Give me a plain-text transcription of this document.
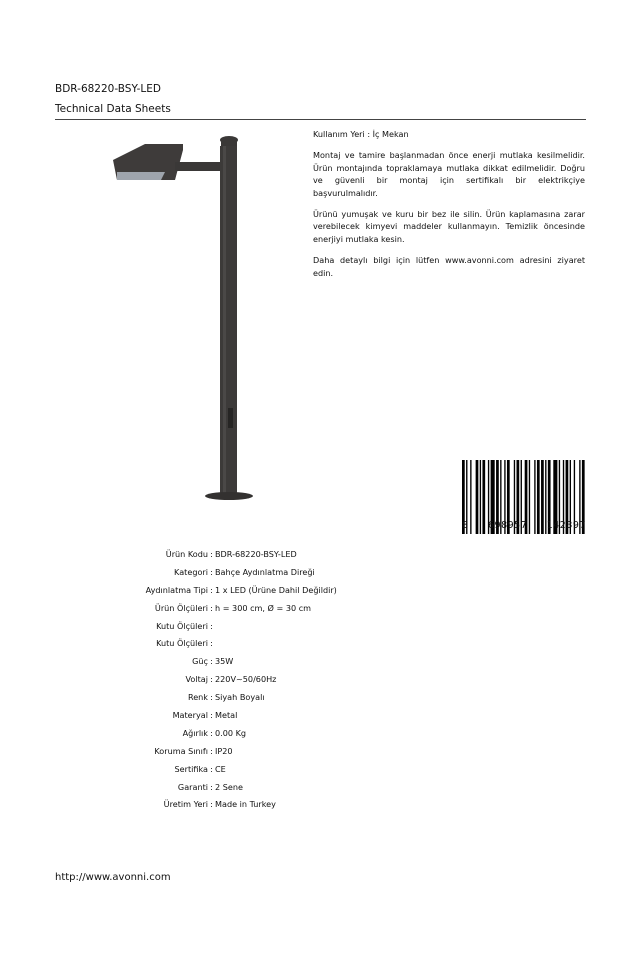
BDR-68220-BSY-LED
Technical Data Sheets

Kullanım Yeri : İç Mekan

Montaj ve tamire başlanmadan önce enerji mutlaka kesilmelidir. Ürün montajında topraklamaya mutlaka dikkat edilmelidir. Doğru ve güvenli bir montaj için sertifikalı bir elektrikçiye başvurulmalıdır.

Ürünü yumuşak ve kuru bir bez ile silin. Ürün kaplamasına zarar verebilecek kimyevi maddeler kullanmayın. Temizlik öncesinde enerjiyi mutlaka kesin.

Daha detaylı bilgi için lütfen www.avonni.com adresini ziyaret edin.

8 698957 142397
Ürün Kodu : BDR-68220-BSY-LED
Kategori : Bahçe Aydınlatma Direği
Aydınlatma Tipi : 1 x LED (Ürüne Dahil Değildir)
Ürün Ölçüleri : h = 300 cm, Ø = 30 cm
Kutu Ölçüleri :
Kutu Ölçüleri :
Güç : 35W
Voltaj : 220V~50/60Hz
Renk : Siyah Boyalı
Materyal : Metal
Ağırlık : 0.00 Kg
Koruma Sınıfı : IP20
Sertifika : CE
Garanti : 2 Sene
Üretim Yeri : Made in Turkey
http://www.avonni.com
